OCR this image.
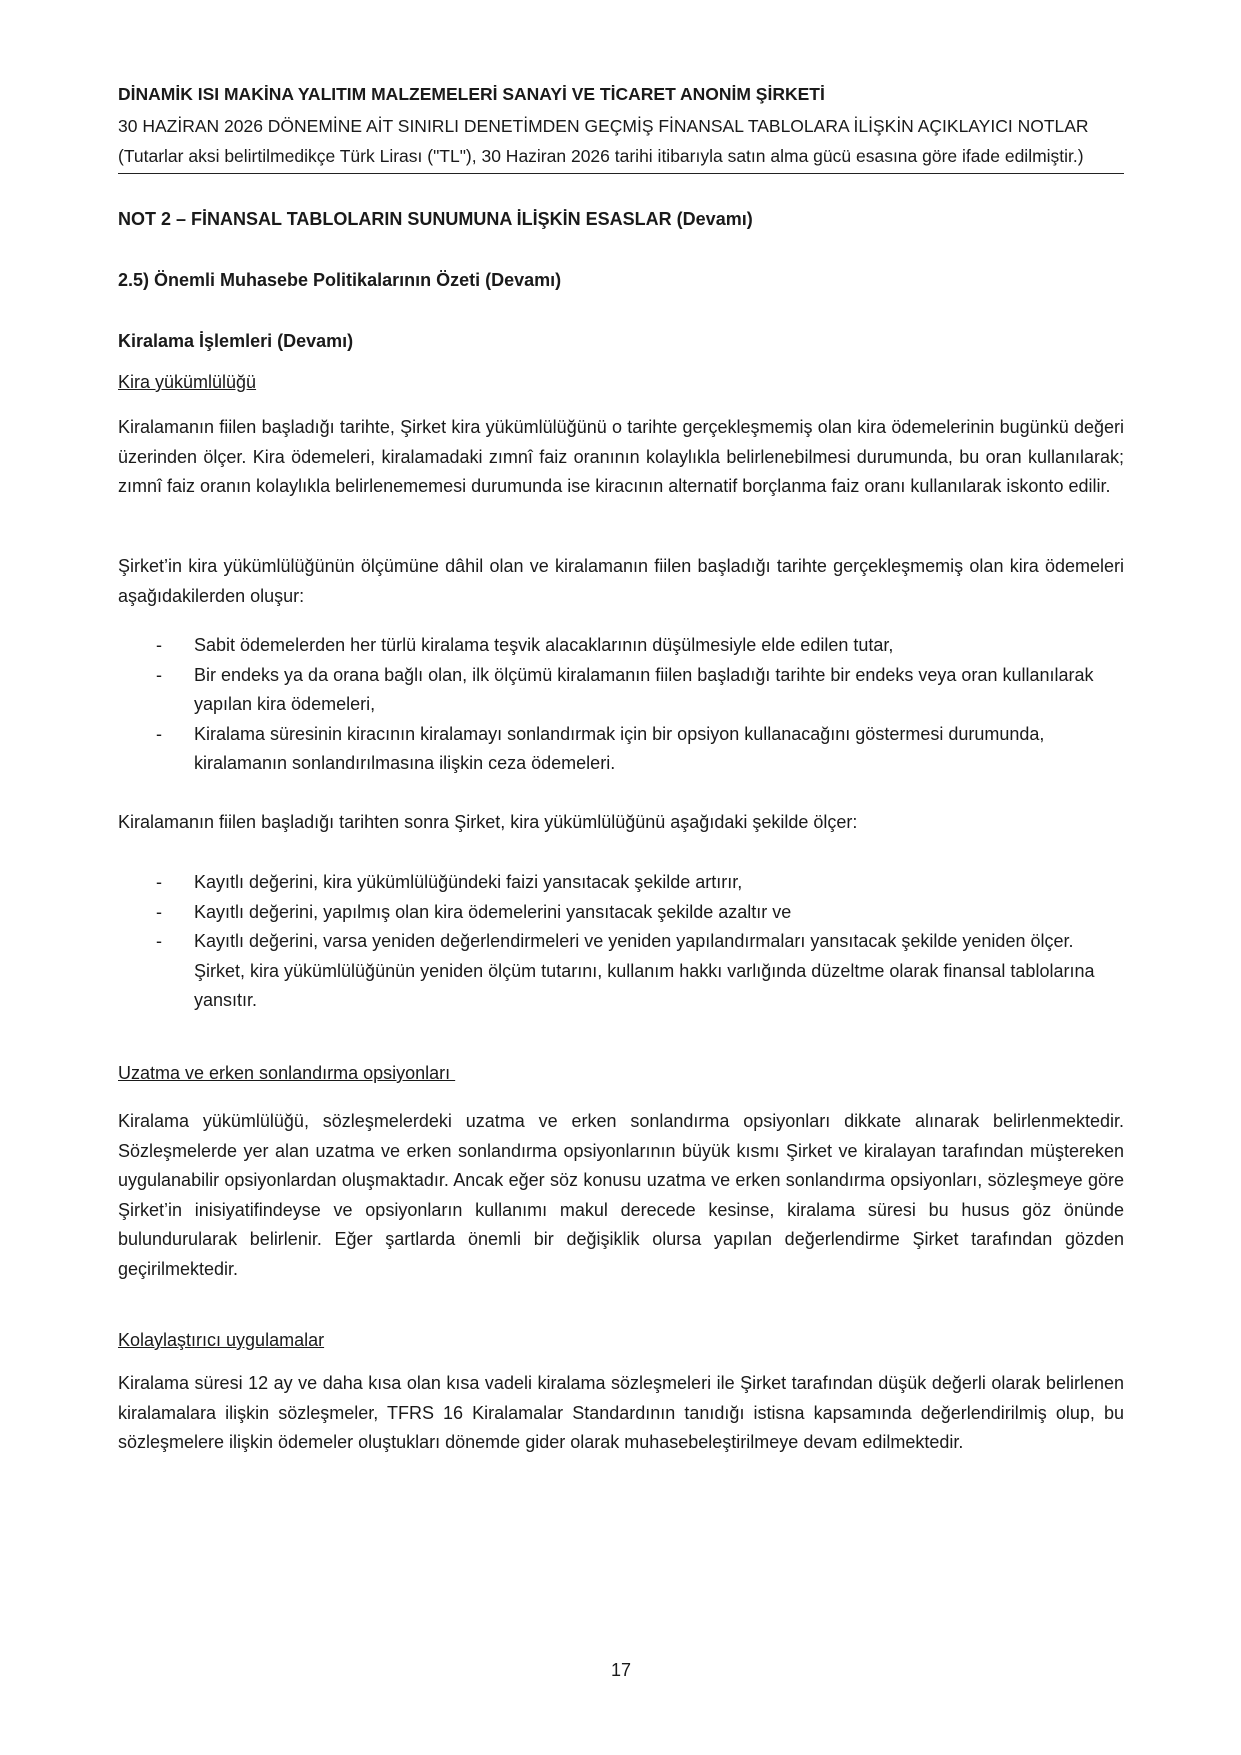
DİNAMİK ISI MAKİNA YALITIM MALZEMELERİ SANAYİ VE TİCARET ANONİM ŞİRKETİ
30 HAZİRAN 2026 DÖNEMİNE AİT SINIRLI DENETİMDEN GEÇMİŞ FİNANSAL TABLOLARA İLİŞKİN AÇIKLAYICI NOTLAR
(Tutarlar aksi belirtilmedikçe Türk Lirası ("TL"), 30 Haziran 2026 tarihi itibarıyla satın alma gücü esasına göre ifade edilmiştir.)
NOT 2 – FİNANSAL TABLOLARIN SUNUMUNA İLİŞKİN ESASLAR (Devamı)
2.5) Önemli Muhasebe Politikalarının Özeti (Devamı)
Kiralama İşlemleri (Devamı)
Kira yükümlülüğü

Kiralamanın fiilen başladığı tarihte, Şirket kira yükümlülüğünü o tarihte gerçekleşmemiş olan kira ödemelerinin bugünkü değeri üzerinden ölçer. Kira ödemeleri, kiralamadaki zımnî faiz oranının kolaylıkla belirlenebilmesi durumunda, bu oran kullanılarak; zımnî faiz oranın kolaylıkla belirlenememesi durumunda ise kiracının alternatif borçlanma faiz oranı kullanılarak iskonto edilir.

Şirket’in kira yükümlülüğünün ölçümüne dâhil olan ve kiralamanın fiilen başladığı tarihte gerçekleşmemiş olan kira ödemeleri aşağıdakilerden oluşur:

- Sabit ödemelerden her türlü kiralama teşvik alacaklarının düşülmesiyle elde edilen tutar,
- Bir endeks ya da orana bağlı olan, ilk ölçümü kiralamanın fiilen başladığı tarihte bir endeks veya oran kullanılarak yapılan kira ödemeleri,
- Kiralama süresinin kiracının kiralamayı sonlandırmak için bir opsiyon kullanacağını göstermesi durumunda, kiralamanın sonlandırılmasına ilişkin ceza ödemeleri.

Kiralamanın fiilen başladığı tarihten sonra Şirket, kira yükümlülüğünü aşağıdaki şekilde ölçer:

- Kayıtlı değerini, kira yükümlülüğündeki faizi yansıtacak şekilde artırır,
- Kayıtlı değerini, yapılmış olan kira ödemelerini yansıtacak şekilde azaltır ve
- Kayıtlı değerini, varsa yeniden değerlendirmeleri ve yeniden yapılandırmaları yansıtacak şekilde yeniden ölçer. Şirket, kira yükümlülüğünün yeniden ölçüm tutarını, kullanım hakkı varlığında düzeltme olarak finansal tablolarına yansıtır.
Uzatma ve erken sonlandırma opsiyonları

Kiralama yükümlülüğü, sözleşmelerdeki uzatma ve erken sonlandırma opsiyonları dikkate alınarak belirlenmektedir. Sözleşmelerde yer alan uzatma ve erken sonlandırma opsiyonlarının büyük kısmı Şirket ve kiralayan tarafından müştereken uygulanabilir opsiyonlardan oluşmaktadır. Ancak eğer söz konusu uzatma ve erken sonlandırma opsiyonları, sözleşmeye göre Şirket’in inisiyatifindeyse ve opsiyonların kullanımı makul derecede kesinse, kiralama süresi bu husus göz önünde bulundurularak belirlenir. Eğer şartlarda önemli bir değişiklik olursa yapılan değerlendirme Şirket tarafından gözden geçirilmektedir.

Kolaylaştırıcı uygulamalar

Kiralama süresi 12 ay ve daha kısa olan kısa vadeli kiralama sözleşmeleri ile Şirket tarafından düşük değerli olarak belirlenen kiralamalara ilişkin sözleşmeler, TFRS 16 Kiralamalar Standardının tanıdığı istisna kapsamında değerlendirilmiş olup, bu sözleşmelere ilişkin ödemeler oluştukları dönemde gider olarak muhasebeleştirilmeye devam edilmektedir.

17
